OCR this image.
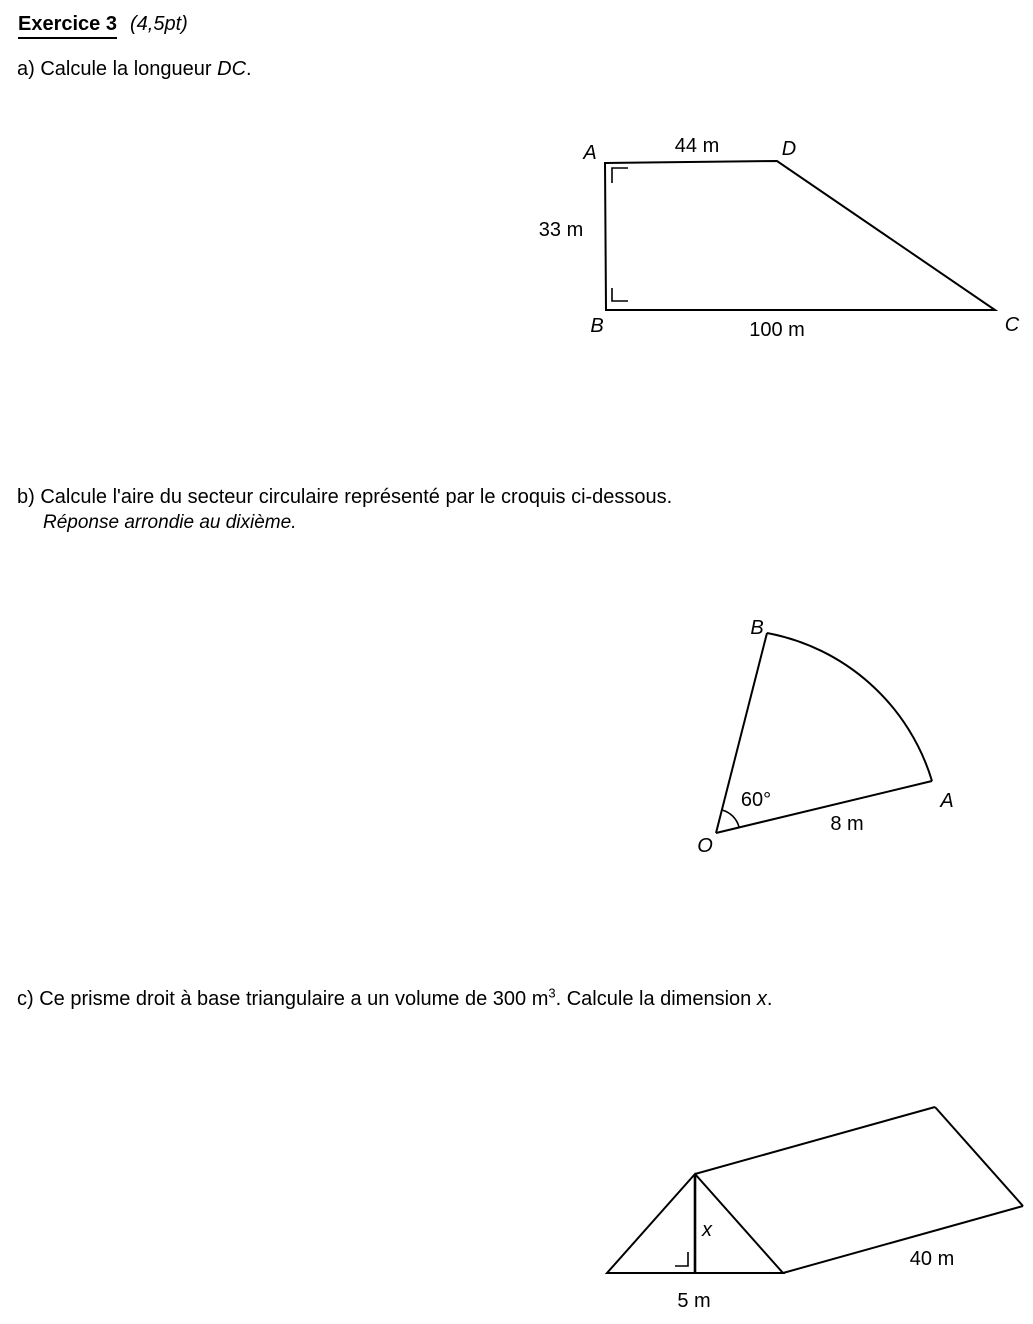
Exercice 3 (4,5pt)
a) Calcule la longueur DC.
A	D
B	C
44 m
33 m
100 m
b) Calcule l'aire du secteur circulaire représenté par le croquis ci-dessous.
Réponse arrondie au dixième.
B
O
A
60°
8 m
c) Ce prisme droit à base triangulaire a un volume de 300 $m^3$. Calcule la dimension x.
x
5 m
40 m
